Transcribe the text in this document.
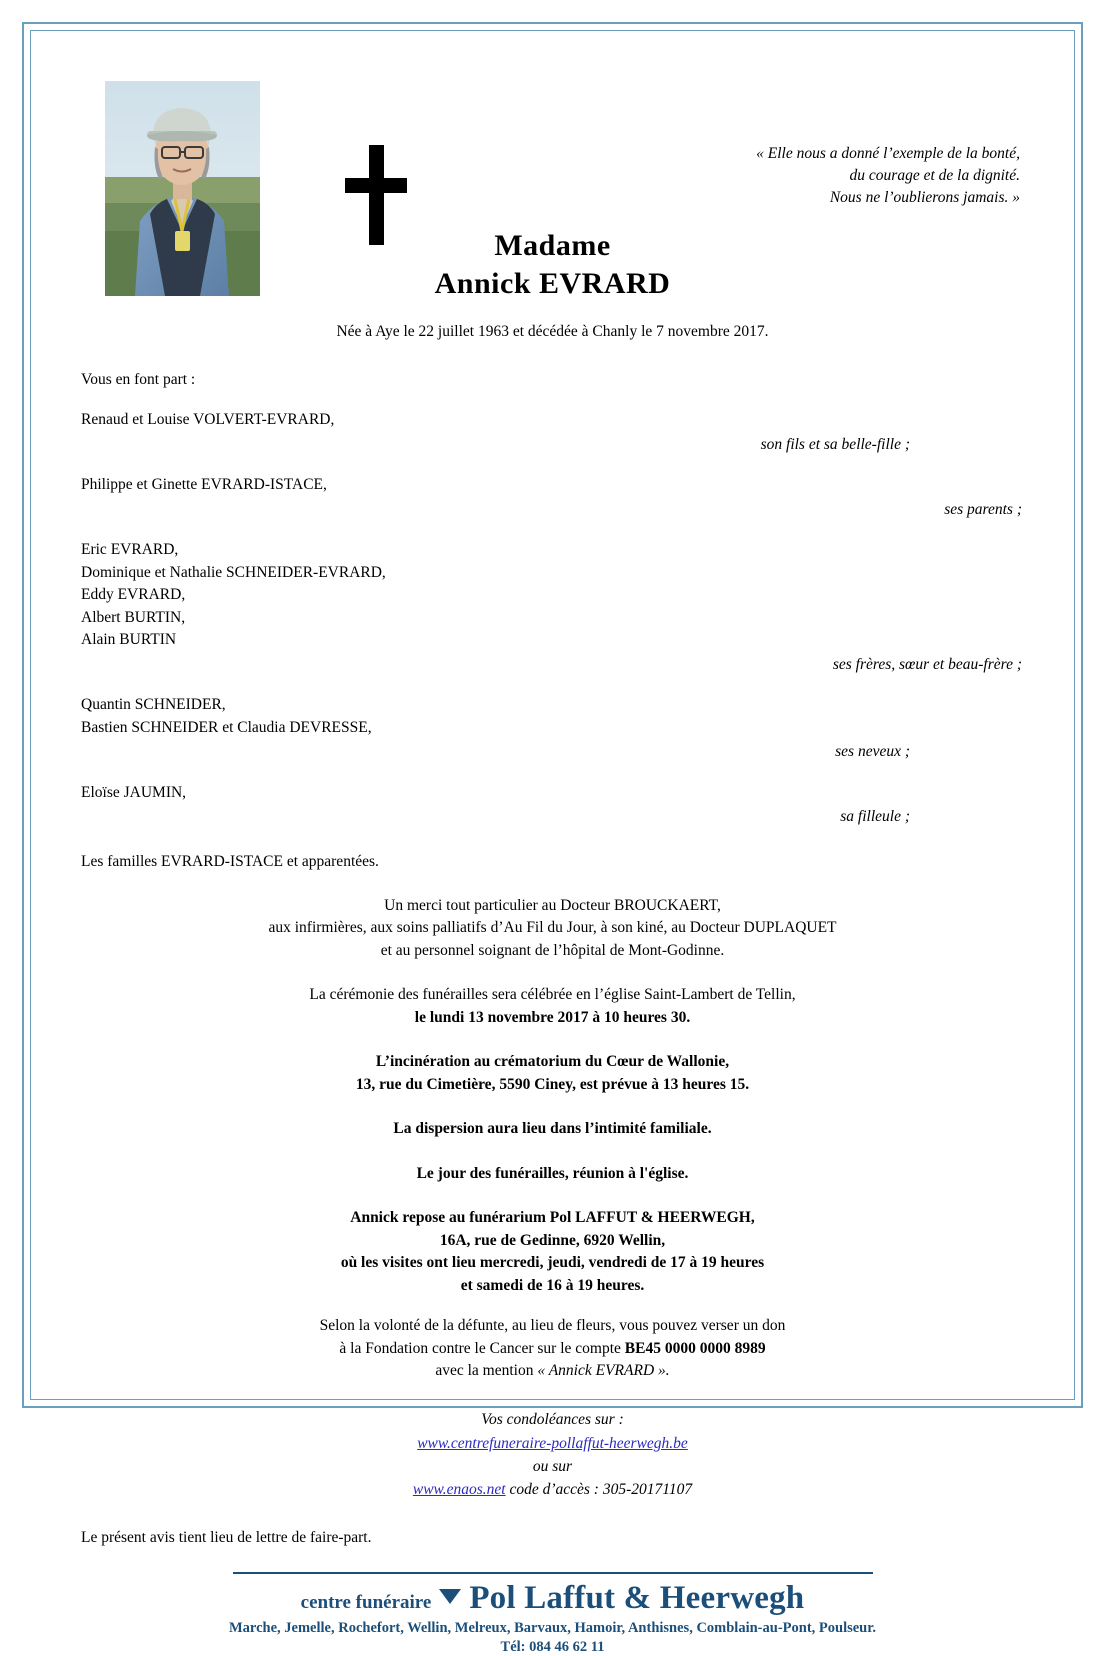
« Elle nous a donné l’exemple de la bonté,
du courage et de la dignité.
Nous ne l’oublierons jamais. »
Madame
Annick EVRARD
Née à Aye le 22 juillet 1963 et décédée à Chanly le 7 novembre 2017.
Vous en font part :
Renaud et Louise VOLVERT-EVRARD,
son fils et sa belle-fille ;
Philippe et Ginette EVRARD-ISTACE,
ses parents ;
Eric EVRARD,
Dominique et Nathalie SCHNEIDER-EVRARD,
Eddy EVRARD,
Albert BURTIN,
Alain BURTIN
ses frères, sœur et beau-frère ;
Quantin SCHNEIDER,
Bastien SCHNEIDER et Claudia DEVRESSE,
ses neveux ;
Eloïse JAUMIN,
sa filleule ;
Les familles EVRARD-ISTACE et apparentées.
Un merci tout particulier au Docteur BROUCKAERT,
aux infirmières, aux soins palliatifs d’Au Fil du Jour, à son kiné, au Docteur DUPLAQUET
et au personnel soignant de l’hôpital de Mont-Godinne.
La cérémonie des funérailles sera célébrée en l’église Saint-Lambert de Tellin,
le lundi 13 novembre 2017 à 10 heures 30.
L’incinération au crématorium du Cœur de Wallonie,
13, rue du Cimetière, 5590 Ciney, est prévue à 13 heures 15.
La dispersion aura lieu dans l’intimité familiale.
Le jour des funérailles, réunion à l'église.
Annick repose au funérarium Pol LAFFUT & HEERWEGH,
16A, rue de Gedinne, 6920 Wellin,
où les visites ont lieu mercredi, jeudi, vendredi de 17 à 19 heures
et samedi de 16 à 19 heures.
Selon la volonté de la défunte, au lieu de fleurs, vous pouvez verser un don
à la Fondation contre le Cancer sur le compte BE45 0000 0000 8989
avec la mention « Annick EVRARD ».
Vos condoléances sur :
www.centrefuneraire-pollaffut-heerwegh.be
ou sur
www.enaos.net code d’accès : 305-20171107
Le présent avis tient lieu de lettre de faire-part.
centre funéraire Pol Laffut & Heerwegh
Marche, Jemelle, Rochefort, Wellin, Melreux, Barvaux, Hamoir, Anthisnes, Comblain-au-Pont, Poulseur.
Tél: 084 46 62 11
